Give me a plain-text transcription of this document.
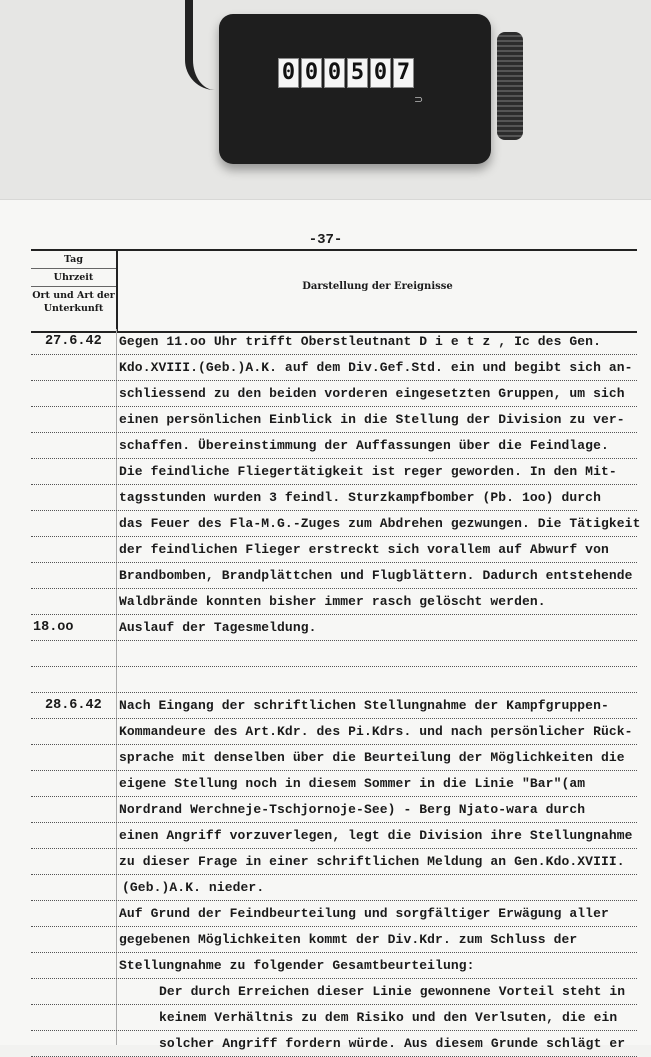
0 0 0 5 0 7
⊃
-37-
Tag
Uhrzeit
Ort und Art der Unterkunft
Darstellung der Ereignisse
27.6.42	Gegen 11.oo Uhr trifft Oberstleutnant D i e t z , Ic des Gen.
Kdo.XVIII.(Geb.)A.K. auf dem Div.Gef.Std. ein und begibt sich an-
schliessend zu den beiden vorderen eingesetzten Gruppen, um sich
einen persönlichen Einblick in die Stellung der Division zu ver-
schaffen. Übereinstimmung der Auffassungen über die Feindlage.
Die feindliche Fliegertätigkeit ist reger geworden. In den Mit-
tagsstunden wurden 3 feindl. Sturzkampfbomber (Pb. 1oo) durch
das Feuer des Fla-M.G.-Zuges zum Abdrehen gezwungen. Die Tätigkeit
der feindlichen Flieger erstreckt sich vorallem auf Abwurf von
Brandbomben, Brandplättchen und Flugblättern. Dadurch entstehende
Waldbrände konnten bisher immer rasch gelöscht werden.
18.oo	Auslauf der Tagesmeldung.
28.6.42	Nach Eingang der schriftlichen Stellungnahme der Kampfgruppen-
Kommandeure des Art.Kdr. des Pi.Kdrs. und nach persönlicher Rück-
sprache mit denselben über die Beurteilung der Möglichkeiten die
eigene Stellung noch in diesem Sommer in die Linie "Bar"(am
Nordrand Werchneje-Tschjornoje-See) - Berg Njato-wara durch
einen Angriff vorzuverlegen, legt die Division ihre Stellungnahme
zu dieser Frage in einer schriftlichen Meldung an Gen.Kdo.XVIII.
(Geb.)A.K. nieder.
Auf Grund der Feindbeurteilung und sorgfältiger Erwägung aller
gegebenen Möglichkeiten kommt der Div.Kdr. zum Schluss der
Stellungnahme zu folgender Gesamtbeurteilung:
Der durch Erreichen dieser Linie gewonnene Vorteil steht in
keinem Verhältnis zu dem Risiko und den Verlsuten, die ein
solcher Angriff fordern würde. Aus diesem Grunde schlägt er
